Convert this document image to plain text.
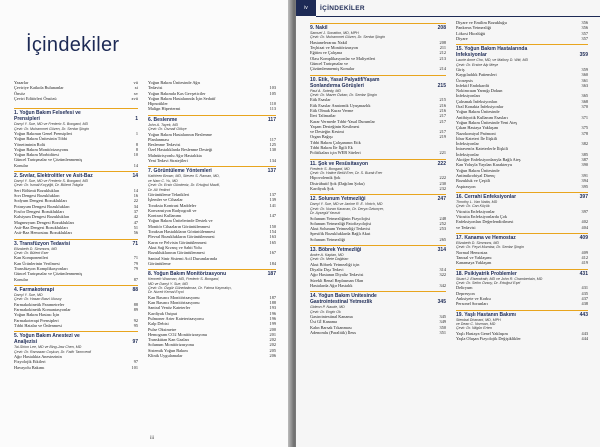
İçindekiler
Yazarlar	vii
Çeviriye Katkıda Bulunanlar	xi
Önsöz	xv
Çeviri Editörleri Önsözü	xvii
1. Yoğun Bakım Felsefesi ve
Prensipleri	1
Darryl Y. Sue, MD ve Frederic S. Bongard, MD
Çevir: Dr. Muhammet Güven, Dr. Serdar Şingin
Yoğun Bakımın Genel Prensipleri	1
Yoğun Bakım Ünitesinin Tıbbi
Yönetiminin Rolü	8
Yoğun Bakım Monitörizasyonu	8
Yoğun Bakım Morbiditesi	10
Güncel Tartışmalar ve Çözümlenmemiş
Konular	14
2. Sıvılar, Elektrolitler ve Asit-Baz	14
Darryl Y. Sue, MD ve Frederic S. Bongard, MD
Çevir: Dr. İsmail Koçyiğit, Dr. Bülent Tokgöz
Seri Bölümü Bozuklukları	14
Sıvı Dengesi Bozuklukları	16
Sodyum Dengesi Bozuklukları	22
Potasyum Dengesi Bozuklukları	34
Fosfor Dengesi Bozuklukları	37
Kalsiyum Dengesi Bozuklukları	42
Magnezyum Dengesi Bozuklukları	47
Asit-Baz Dengesi Bozuklukları	51
Asit-Baz Hemostası Bozuklukları	56
3. Transfüzyon Tedavisi	71
Elizabeth D. Simmons, MD
Çevir: Dr. Bülent Eser
Kan Komponentleri	71
Kan Ürünlerinin Verilmesi	79
Transfüzyon Komplikasyonları	79
Güncel Tartışmalar ve Çözümlenmemiş
Konular	87
4. Farmakoterapi	88
Darryl Y. Sue, MD
Çevir: Dr. Hasan Basri Ulusoy
Farmakokinetik Parametreler	88
Farmakokinetik Komantasyonlar	89
Yoğun Bakım Hastası İçin
Farmakoterapi Prensipleri	92
Tıbbi Hatalar ve Önlenmesi	95
5. Yoğun Bakım Anestezi ve
Analjezisi	97
Tai-Shion Lee, MD ve Bing-Jaw Chen, MD
Çevir: Dr. Ramazan Coşkun, Dr. Fatih Tanrıverdi
Ağır Hastalıkta Anestezinin
Fizyolojik Etkileri	97
Havayolu Bakımı	101
Yoğun Bakım Ünitesinde Ağrı
Tedavisi	103
Yoğun Bakımda Kas Gevşeticiler	105
Yoğun Bakım Hastalarında İçin Sedatif
Hipnotikler	110
Malign Hipertermi	113
6. Beslenme	117
John A. Tayek, MD
Çevir: Dr. Osmail Gökçe
Yoğun Bakım Hastalarının Beslenme
Planlanması	117
Beslenme Tedavisi	125
Özel Hastalıklarda Beslenme Desteği	130
Malnütrisyonlu Ağır Hastalıkta
Yeni Tedavi Stratejileri	134
7. Görüntüleme Yöntemleri	137
Kathleen Brown, MD, Steven S. Raman, MD,
ve Nam C. Yu, MD
Çevir: Dr. Ersin Gündeniz, Dr. Ertuğrul Mavili,
Dr. Ali Yedincl
Görüntüleme Teknikleri	137
İşlemler ve Cihazlar	139
Toraksta Kontrast Maddeler	141
Konvansiyon Radyografi ve
Kontrast Kullanımı	147
Yoğun Bakım Ünitelerinde Destek ve
Monitör Cihazların Görüntülenmesi	150
Toraksın Hastalıkların Görüntülenmesi	154
Plevral Bozuklukların Görüntülenmesi	163
Karın ve Pelvisin Görüntülenmesi	165
Akut Sağ Kıvanç ve Sabit Yolu
Bozukluklarının Görüntülenmesi	167
Santral Sinir Sistemi Acil Durumlarında
Görüntüleme	184
8. Yoğun Bakım Monitörizasyonu	187
Kenneth Waxman, MD, Frederic S. Bongard,
MD ve Darryl Y. Sue, MD
Çevir: Dr. Özgür Günebakmaz, Dr. Fatma Kaymakçı,
Dr. Nurek Kemal Eryol
Kan Basıncı Monitörizasyonu	187
Kan Basıncı Monitörizasyonu	188
Santral Venöz Kateterler	193
Kardiyak Output	196
Pulmoner Arter Kateterizasyonu	196
Kalp Debisi	199
Pulse Oksimetre	200
Hemogram CO2 Monitörizasyonu	201
Transkütan Kan Gazları	202
Solunum Monitörizasyonu	202
Sistemik Yoğun Bakım	205
Klinik Uygulamalar	206
iii
iv	İÇİNDEKİLER
9. Nakil	208
Samuel J. Sonation, MD, MPH
Çevir: Dr. Muhammet Güven, Dr. Serdar Şingin
Hastanelerarası Nakil	208
Teçhizat ve Monitörizasyon	211
Eğitim ve Çalışma	212
Olası Komplikasyonlar ve Maliyetleri	213
Güncel Tartışmalar ve
Çözümlenmemiş Konular	214
10. Etik, Yasal Palyatif/Yaşam
Sonlandırma Görüşleri	215
Paul A. Sotedy, MD
Çevir: Dr. Mazer Özkan, Dr. Serdar Şingin
Etik Esaslar	215
Etik Esaslar Anatomik Uyuşmazlık	216
Etik Olmak Kurar Verme	216
İleri Talimatlar	217
Karar Vermede Tıbbi-Yasal Durumlar	217
Yaşam Desteğinin Kesilmesi
ve Desteğin Kesimi	217
Organ Bağışı	219
Tıbbi Bakım Çalışanının Etik
Tıbbi Bakım İle İlgili Ek
Politikaları için WEB Siteleri	221
11. Şok ve Resüsitasyon	222
Frederic S. Bongard, MD
Çevir: Dr. Hatice Betül Erer, Dr. S. Burak Erer
Hipovolemik Şok	222
Distrübutif Şok (Dağılım Şoku)	230
Kardiyak Şok	232
12. Solunum Yetmezliği	247
Darryl Y. Sue, MD ve Janine R. E. Vintch, MD
Çevir: Dr. Nuran Karacan, Dr. Derya Öztunçer,
Dr. Aysegül Yavruk
Solunum Yetmezliğinin Fizyolojisi	248
Solunum Yetmezliği Patofizyolojisi	252
Akut Solunum Yetmezliği Tedavisi	253
Spesifik Bozukluklarda Bağlı Akut
Solunum Yetmezliği	265
13. Böbrek Yetmezliği	314
Andre A. Kaplan, MD
Çevir: Dr. Mete Dağlıtan
Akut Böbrek Yetmezliği için
Diyaliz Dışı Tedavi	314
Ağır Hastanın Diyaliz Tedavisi	322
Sürekli Renal Replasman Olan
Hastalarda Ağır Hastalık	342
14. Yoğun Bakım Ünitesinde
Gastrointestinal Yetmezlik	345
Gideon P. Naude, MD
Çevir: Dr. Engin Ok
Gastrointestinal Kanama	345
Üst Gİ Kanama	349
Kalın Barsak Tıkanması	350
Adenomlu (Paralitik) İleus	351
Diyare ve Emilim Bozukluğu	356
Pankreas Yetmezliği	356
Lökosi Hiozlüğü	357
Diyare	357
15. Yoğun Bakım Hastalarında
İnfeksiyonlar	359
Laurie Anne Cho, MD, ve Mallory D. Witt, MD
Çevir: Dr. Ersine Alp Meşe
Giriş	359
Kaygıladılık Patiensleri	360
Ürosepsis	361
Infektif Endokardit	363
Nokimcuan Yarnığı Dokun
İnfeksiyonları	365
Çalısmak İnfeksiyonları	368
Oral Konakta İnfeksiyonlar	370
Yoğun Bakım Ünitesinde
Antibiyotik Kullanım Esasları	371
Yoğun Bakım Ünitesinde Yeni Ateş
Çıkan Hastaya Yaklaşım	375
Nazokomiyal Pnömoni	378
İdrar Kateteri İle İlişkili
İnfeksiyonlar	382
İntravenöz Kateterlerle İlişkili
İnfeksiyonlar	385
Akciğer Enfeksiyonlarıyla Bağlı Ateş	387
Kan Yoluyla Yayılan Karakteryu	390
Yoğun Bakım Ünitesinde
Antimikrobiyal Direnç	391
Bozukluk ve Çeşitli	394
Aspirasyon	395
16. Cerrahi Enfeksiyonlar	397
Timothy L. Van Natta, MD
Çevir: Dr. Can Küçük
Vücutta Enfeksiyonlar	397
Vücutta Enfeksiyonlarda Çok
Enfeksiyonları Değerlendirilmesi	402
ve Tedavisi	404
17. Kanama ve Hemostaz	409
Elizabeth D. Simmons, MD
Çevir: Dr. Feyzi Mumtaz, Dr. Serdar Şingin
Normal Hemostaz	409
Tanısal ve Yaklaşımı	412
Kanamaya Yaklaşım	419
18. Psikiyatrik Problemler	431
Stuart J. Eisendrath, MD ve John R. Chamberlain, MD
Çevir: Dr. Selim Özsoy, Dr. Ertuğrul Eşel
Deliryum	431
Depresyon	435
Anksiyete ve Korku	437
Personel Sorunları	438
19. Yaşlı Hastanın Bakımı	443
Stewbal Dhanani, MD, MPH
ve Dean C. Norman, MD
Çevir: Dr. Nilgün Erten
Yaşlı Hastaya Genel Yaklaşım	443
Yaşla Oluşan Fizyolojik Değişiklikler	444
